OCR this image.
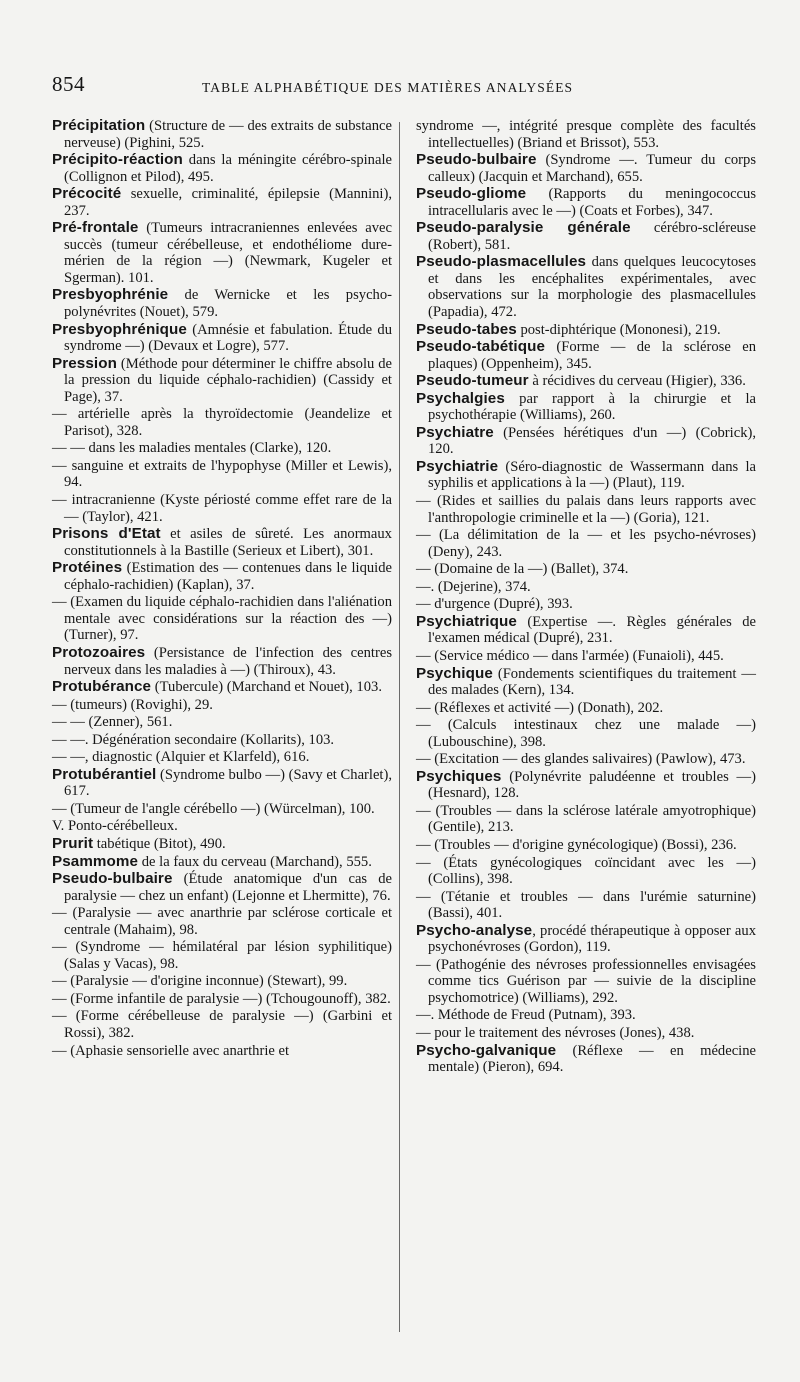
854	TABLE ALPHABÉTIQUE DES MATIÈRES ANALYSÉES

Précipitation (Structure de — des extraits de substance nerveuse) (Pighini, 525.

Précipito-réaction dans la méningite cérébro-spinale (Collignon et Pilod), 495.

Précocité sexuelle, criminalité, épilepsie (Mannini), 237.

Pré-frontale (Tumeurs intracraniennes enlevées avec succès (tumeur cérébelleuse, et endothéliome dure-mérien de la région —) (Newmark, Kugeler et Sgerman). 101.

Presbyophrénie de Wernicke et les psycho-polynévrites (Nouet), 579.

Presbyophrénique (Amnésie et fabulation. Étude du syndrome —) (Devaux et Logre), 577.

Pression (Méthode pour déterminer le chiffre absolu de la pression du liquide céphalo-rachidien) (Cassidy et Page), 37.

— artérielle après la thyroïdectomie (Jeandelize et Parisot), 328.

— — dans les maladies mentales (Clarke), 120.

— sanguine et extraits de l'hypophyse (Miller et Lewis), 94.

— intracranienne (Kyste périosté comme effet rare de la — (Taylor), 421.

Prisons d'Etat et asiles de sûreté. Les anormaux constitutionnels à la Bastille (Serieux et Libert), 301.

Protéines (Estimation des — contenues dans le liquide céphalo-rachidien) (Kaplan), 37.

— (Examen du liquide céphalo-rachidien dans l'aliénation mentale avec considérations sur la réaction des —) (Turner), 97.

Protozoaires (Persistance de l'infection des centres nerveux dans les maladies à —) (Thiroux), 43.

Protubérance (Tubercule) (Marchand et Nouet), 103.

— (tumeurs) (Rovighi), 29.

— — (Zenner), 561.

— —. Dégénération secondaire (Kollarits), 103.

— —, diagnostic (Alquier et Klarfeld), 616.

Protubérantiel (Syndrome bulbo —) (Savy et Charlet), 617.

— (Tumeur de l'angle cérébello —) (Würcelman), 100.

V. Ponto-cérébelleux.

Prurit tabétique (Bitot), 490.

Psammome de la faux du cerveau (Marchand), 555.

Pseudo-bulbaire (Étude anatomique d'un cas de paralysie — chez un enfant) (Lejonne et Lhermitte), 76.

— (Paralysie — avec anarthrie par sclérose corticale et centrale (Mahaim), 98.

— (Syndrome — hémilatéral par lésion syphilitique) (Salas y Vacas), 98.

— (Paralysie — d'origine inconnue) (Stewart), 99.

— (Forme infantile de paralysie —) (Tchougounoff), 382.

— (Forme cérébelleuse de paralysie —) (Garbini et Rossi), 382.

— (Aphasie sensorielle avec anarthrie et

syndrome —, intégrité presque complète des facultés intellectuelles) (Briand et Brissot), 553.

Pseudo-bulbaire (Syndrome —. Tumeur du corps calleux) (Jacquin et Marchand), 655.

Pseudo-gliome (Rapports du meningococcus intracellularis avec le —) (Coats et Forbes), 347.

Pseudo-paralysie générale cérébro-scléreuse (Robert), 581.

Pseudo-plasmacellules dans quelques leucocytoses et dans les encéphalites expérimentales, avec observations sur la morphologie des plasmacellules (Papadia), 472.

Pseudo-tabes post-diphtérique (Mononesi), 219.

Pseudo-tabétique (Forme — de la sclérose en plaques) (Oppenheim), 345.

Pseudo-tumeur à récidives du cerveau (Higier), 336.

Psychalgies par rapport à la chirurgie et la psychothérapie (Williams), 260.

Psychiatre (Pensées hérétiques d'un —) (Cobrick), 120.

Psychiatrie (Séro-diagnostic de Wassermann dans la syphilis et applications à la —) (Plaut), 119.

— (Rides et saillies du palais dans leurs rapports avec l'anthropologie criminelle et la —) (Goria), 121.

— (La délimitation de la — et les psycho-névroses) (Deny), 243.

— (Domaine de la —) (Ballet), 374.

—. (Dejerine), 374.

— d'urgence (Dupré), 393.

Psychiatrique (Expertise —. Règles générales de l'examen médical (Dupré), 231.

— (Service médico — dans l'armée) (Funaioli), 445.

Psychique (Fondements scientifiques du traitement — des malades (Kern), 134.

— (Réflexes et activité —) (Donath), 202.

— (Calculs intestinaux chez une malade —) (Lubouschine), 398.

— (Excitation — des glandes salivaires) (Pawlow), 473.

Psychiques (Polynévrite paludéenne et troubles —) (Hesnard), 128.

— (Troubles — dans la sclérose latérale amyotrophique) (Gentile), 213.

— (Troubles — d'origine gynécologique) (Bossi), 236.

— (États gynécologiques coïncidant avec les —) (Collins), 398.

— (Tétanie et troubles — dans l'urémie saturnine) (Bassi), 401.

Psycho-analyse, procédé thérapeutique à opposer aux psychonévroses (Gordon), 119.

— (Pathogénie des névroses professionnelles envisagées comme tics Guérison par — suivie de la discipline psychomotrice) (Williams), 292.

—. Méthode de Freud (Putnam), 393.

— pour le traitement des névroses (Jones), 438.

Psycho-galvanique (Réflexe — en médecine mentale) (Pieron), 694.
